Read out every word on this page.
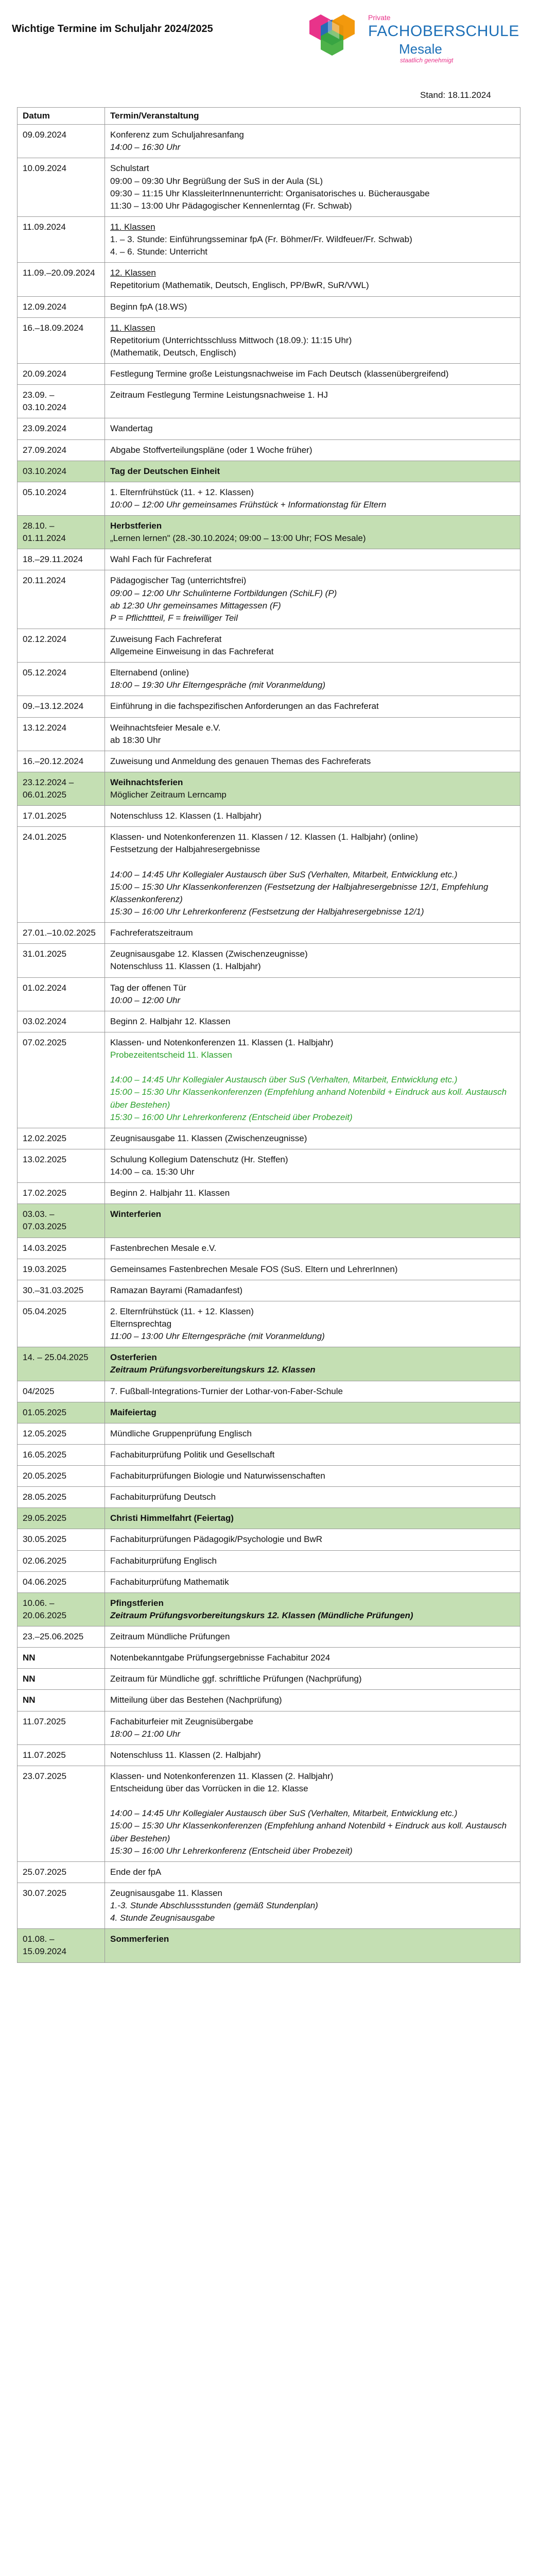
Wichtige Termine im Schuljahr 2024/2025
Private
FACHOBERSCHULE
Mesale
staatlich genehmigt
Stand: 18.11.2024
Datum	Termin/Veranstaltung
09.09.2024	Konferenz zum Schuljahresanfang
14:00 – 16:30 Uhr

10.09.2024	Schulstart
09:00 – 09:30 Uhr Begrüßung der SuS in der Aula (SL)
09:30 – 11:15 Uhr KlassleiterInnenunterricht: Organisatorisches u. Bücherausgabe
11:30 – 13:00 Uhr Pädagogischer Kennenlerntag (Fr. Schwab)

11.09.2024	11. Klassen
1. – 3. Stunde: Einführungsseminar fpA (Fr. Böhmer/Fr. Wildfeuer/Fr. Schwab)
4. – 6. Stunde: Unterricht

11.09.–20.09.2024	12. Klassen
Repetitorium (Mathematik, Deutsch, Englisch, PP/BwR, SuR/VWL)

12.09.2024	Beginn fpA (18.WS)

16.–18.09.2024	11. Klassen
Repetitorium (Unterrichtsschluss Mittwoch (18.09.): 11:15 Uhr)
(Mathematik, Deutsch, Englisch)

20.09.2024	Festlegung Termine große Leistungsnachweise im Fach Deutsch (klassenübergreifend)

23.09. – 03.10.2024	Zeitraum Festlegung Termine Leistungsnachweise 1. HJ

23.09.2024	Wandertag

27.09.2024	Abgabe Stoffverteilungspläne (oder 1 Woche früher)

03.10.2024	Tag der Deutschen Einheit

05.10.2024	1. Elternfrühstück (11. + 12. Klassen)
10:00 – 12:00 Uhr gemeinsames Frühstück + Informationstag für Eltern

28.10. – 01.11.2024	Herbstferien
„Lernen lernen" (28.-30.10.2024; 09:00 – 13:00 Uhr; FOS Mesale)

18.–29.11.2024	Wahl Fach für Fachreferat

20.11.2024	Pädagogischer Tag (unterrichtsfrei)
09:00 – 12:00 Uhr Schulinterne Fortbildungen (SchiLF) (P)
ab 12:30 Uhr gemeinsames Mittagessen (F)
P = Pflichttteil, F = freiwilliger Teil

02.12.2024	Zuweisung Fach Fachreferat
Allgemeine Einweisung in das Fachreferat

05.12.2024	Elternabend (online)
18:00 – 19:30 Uhr Elterngespräche (mit Voranmeldung)

09.–13.12.2024	Einführung in die fachspezifischen Anforderungen an das Fachreferat

13.12.2024	Weihnachtsfeier Mesale e.V.
ab 18:30 Uhr

16.–20.12.2024	Zuweisung und Anmeldung des genauen Themas des Fachreferats

23.12.2024 – 06.01.2025	Weihnachtsferien
Möglicher Zeitraum Lerncamp

17.01.2025	Notenschluss 12. Klassen (1. Halbjahr)

24.01.2025	Klassen- und Notenkonferenzen 11. Klassen / 12. Klassen (1. Halbjahr) (online)
Festsetzung der Halbjahresergebnisse

14:00 – 14:45 Uhr Kollegialer Austausch über SuS (Verhalten, Mitarbeit, Entwicklung etc.)
15:00 – 15:30 Uhr Klassenkonferenzen (Festsetzung der Halbjahresergebnisse 12/1, Empfehlung Klassenkonferenz)
15:30 – 16:00 Uhr Lehrerkonferenz (Festsetzung der Halbjahresergebnisse 12/1)

27.01.–10.02.2025	Fachreferatszeitraum

31.01.2025	Zeugnisausgabe 12. Klassen (Zwischenzeugnisse)
Notenschluss 11. Klassen (1. Halbjahr)

01.02.2024	Tag der offenen Tür
10:00 – 12:00 Uhr

03.02.2024	Beginn 2. Halbjahr 12. Klassen

07.02.2025	Klassen- und Notenkonferenzen 11. Klassen (1. Halbjahr)
Probezeitentscheid 11. Klassen

14:00 – 14:45 Uhr Kollegialer Austausch über SuS (Verhalten, Mitarbeit, Entwicklung etc.)
15:00 – 15:30 Uhr Klassenkonferenzen (Empfehlung anhand Notenbild + Eindruck aus koll. Austausch über Bestehen)
15:30 – 16:00 Uhr Lehrerkonferenz (Entscheid über Probezeit)

12.02.2025	Zeugnisausgabe 11. Klassen (Zwischenzeugnisse)

13.02.2025	Schulung Kollegium Datenschutz (Hr. Steffen)
14:00 – ca. 15:30 Uhr

17.02.2025	Beginn 2. Halbjahr 11. Klassen

03.03. – 07.03.2025	Winterferien

14.03.2025	Fastenbrechen Mesale e.V.

19.03.2025	Gemeinsames Fastenbrechen Mesale FOS (SuS. Eltern und LehrerInnen)

30.–31.03.2025	Ramazan Bayrami (Ramadanfest)

05.04.2025	2. Elternfrühstück (11. + 12. Klassen)
Elternsprechtag
11:00 – 13:00 Uhr Elterngespräche (mit Voranmeldung)

14. – 25.04.2025	Osterferien
Zeitraum Prüfungsvorbereitungskurs 12. Klassen

04/2025	7. Fußball-Integrations-Turnier der Lothar-von-Faber-Schule

01.05.2025	Maifeiertag

12.05.2025	Mündliche Gruppenprüfung Englisch

16.05.2025	Fachabiturprüfung Politik und Gesellschaft

20.05.2025	Fachabiturprüfungen Biologie und Naturwissenschaften

28.05.2025	Fachabiturprüfung Deutsch

29.05.2025	Christi Himmelfahrt (Feiertag)

30.05.2025	Fachabiturprüfungen Pädagogik/Psychologie und BwR

02.06.2025	Fachabiturprüfung Englisch

04.06.2025	Fachabiturprüfung Mathematik

10.06. – 20.06.2025	Pfingstferien
Zeitraum Prüfungsvorbereitungskurs 12. Klassen (Mündliche Prüfungen)

23.–25.06.2025	Zeitraum Mündliche Prüfungen

NN	Notenbekanntgabe Prüfungsergebnisse Fachabitur 2024

NN	Zeitraum für Mündliche ggf. schriftliche Prüfungen (Nachprüfung)

NN	Mitteilung über das Bestehen (Nachprüfung)

11.07.2025	Fachabiturfeier mit Zeugnisübergabe
18:00 – 21:00 Uhr

11.07.2025	Notenschluss 11. Klassen (2. Halbjahr)

23.07.2025	Klassen- und Notenkonferenzen 11. Klassen (2. Halbjahr)
Entscheidung über das Vorrücken in die 12. Klasse

14:00 – 14:45 Uhr Kollegialer Austausch über SuS (Verhalten, Mitarbeit, Entwicklung etc.)
15:00 – 15:30 Uhr Klassenkonferenzen (Empfehlung anhand Notenbild + Eindruck aus koll. Austausch über Bestehen)
15:30 – 16:00 Uhr Lehrerkonferenz (Entscheid über Probezeit)

25.07.2025	Ende der fpA

30.07.2025	Zeugnisausgabe 11. Klassen
1.-3. Stunde Abschlussstunden (gemäß Stundenplan)
4. Stunde Zeugnisausgabe

01.08. – 15.09.2024	Sommerferien
